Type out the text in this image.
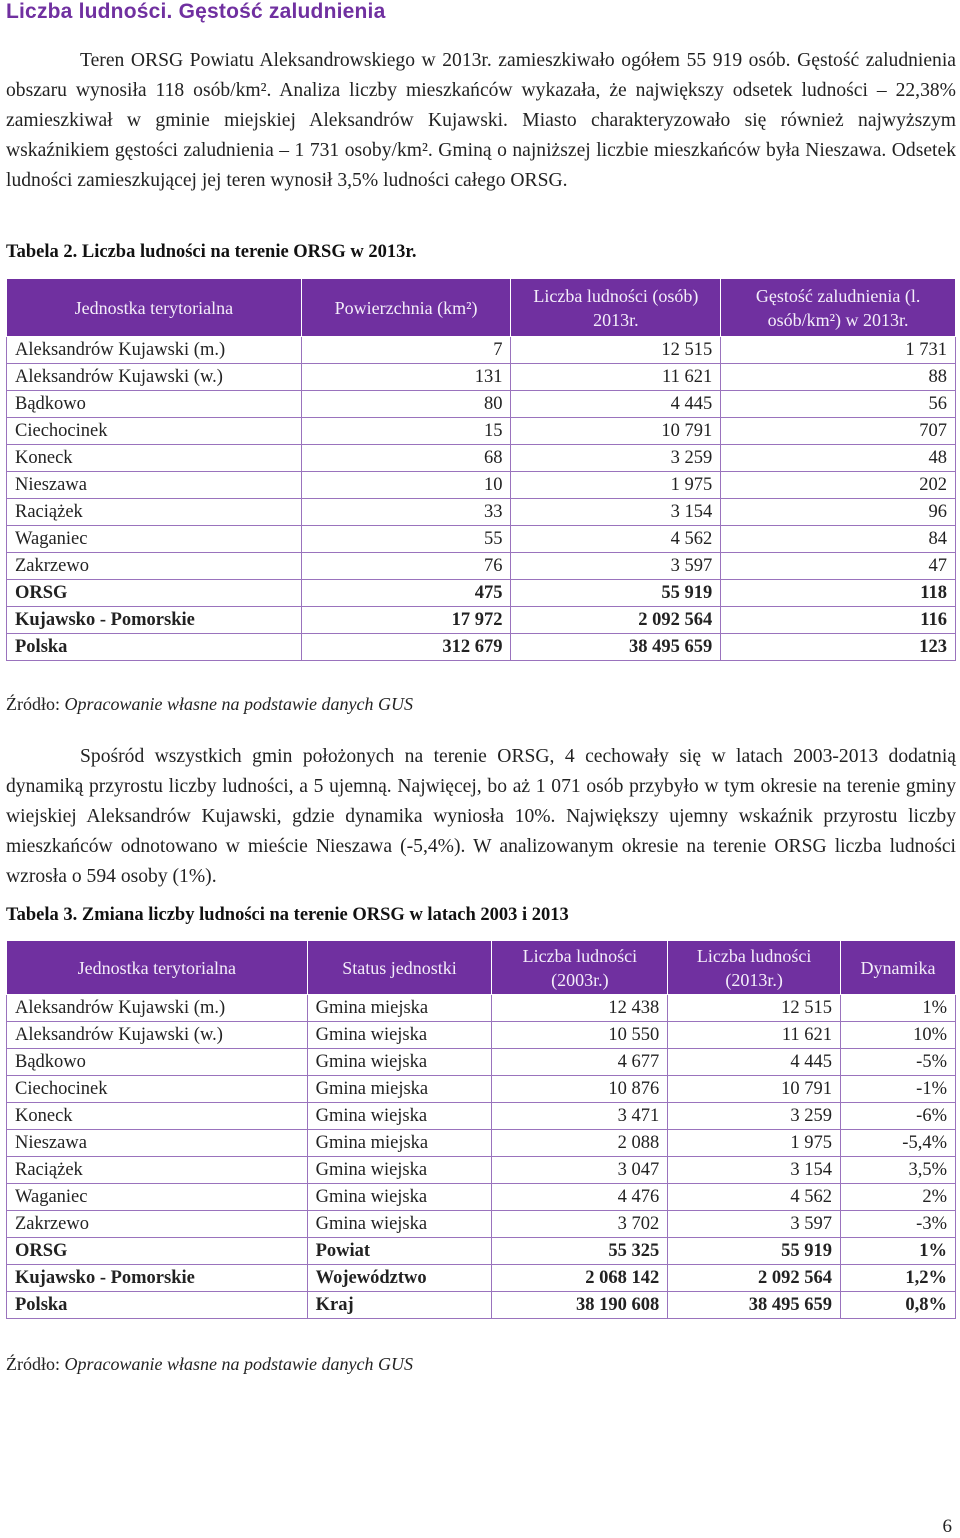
Liczba ludności. Gęstość zaludnienia

Teren ORSG Powiatu Aleksandrowskiego w 2013r. zamieszkiwało ogółem 55 919 osób. Gęstość zaludnienia obszaru wynosiła 118 osób/km². Analiza liczby mieszkańców wykazała, że największy odsetek ludności – 22,38% zamieszkiwał w gminie miejskiej Aleksandrów Kujawski. Miasto charakteryzowało się również najwyższym wskaźnikiem gęstości zaludnienia – 1 731 osoby/km². Gminą o najniższej liczbie mieszkańców była Nieszawa. Odsetek ludności zamieszkującej jej teren wynosił 3,5% ludności całego ORSG.

Tabela 2. Liczba ludności na terenie ORSG w 2013r.

Jednostka terytorialna	Powierzchnia (km²)	Liczba ludności (osób) 2013r.	Gęstość zaludnienia (l. osób/km²) w 2013r.
Aleksandrów Kujawski (m.)	7	12 515	1 731
Aleksandrów Kujawski (w.)	131	11 621	88
Bądkowo	80	4 445	56
Ciechocinek	15	10 791	707
Koneck	68	3 259	48
Nieszawa	10	1 975	202
Raciążek	33	3 154	96
Waganiec	55	4 562	84
Zakrzewo	76	3 597	47
ORSG	475	55 919	118
Kujawsko - Pomorskie	17 972	2 092 564	116
Polska	312 679	38 495 659	123

Źródło: Opracowanie własne na podstawie danych GUS

Spośród wszystkich gmin położonych na terenie ORSG, 4 cechowały się w latach 2003-2013 dodatnią dynamiką przyrostu liczby ludności, a 5 ujemną. Najwięcej, bo aż 1 071 osób przybyło w tym okresie na terenie gminy wiejskiej Aleksandrów Kujawski, gdzie dynamika wyniosła 10%. Największy ujemny wskaźnik przyrostu liczby mieszkańców odnotowano w mieście Nieszawa (-5,4%). W analizowanym okresie na terenie ORSG liczba ludności wzrosła o 594 osoby (1%).

Tabela 3. Zmiana liczby ludności na terenie ORSG w latach 2003 i 2013

Jednostka terytorialna	Status jednostki	Liczba ludności (2003r.)	Liczba ludności (2013r.)	Dynamika
Aleksandrów Kujawski (m.)	Gmina miejska	12 438	12 515	1%
Aleksandrów Kujawski (w.)	Gmina wiejska	10 550	11 621	10%
Bądkowo	Gmina wiejska	4 677	4 445	-5%
Ciechocinek	Gmina miejska	10 876	10 791	-1%
Koneck	Gmina wiejska	3 471	3 259	-6%
Nieszawa	Gmina miejska	2 088	1 975	-5,4%
Raciążek	Gmina wiejska	3 047	3 154	3,5%
Waganiec	Gmina wiejska	4 476	4 562	2%
Zakrzewo	Gmina wiejska	3 702	3 597	-3%
ORSG	Powiat	55 325	55 919	1%
Kujawsko - Pomorskie	Województwo	2 068 142	2 092 564	1,2%
Polska	Kraj	38 190 608	38 495 659	0,8%

Źródło: Opracowanie własne na podstawie danych GUS

6
